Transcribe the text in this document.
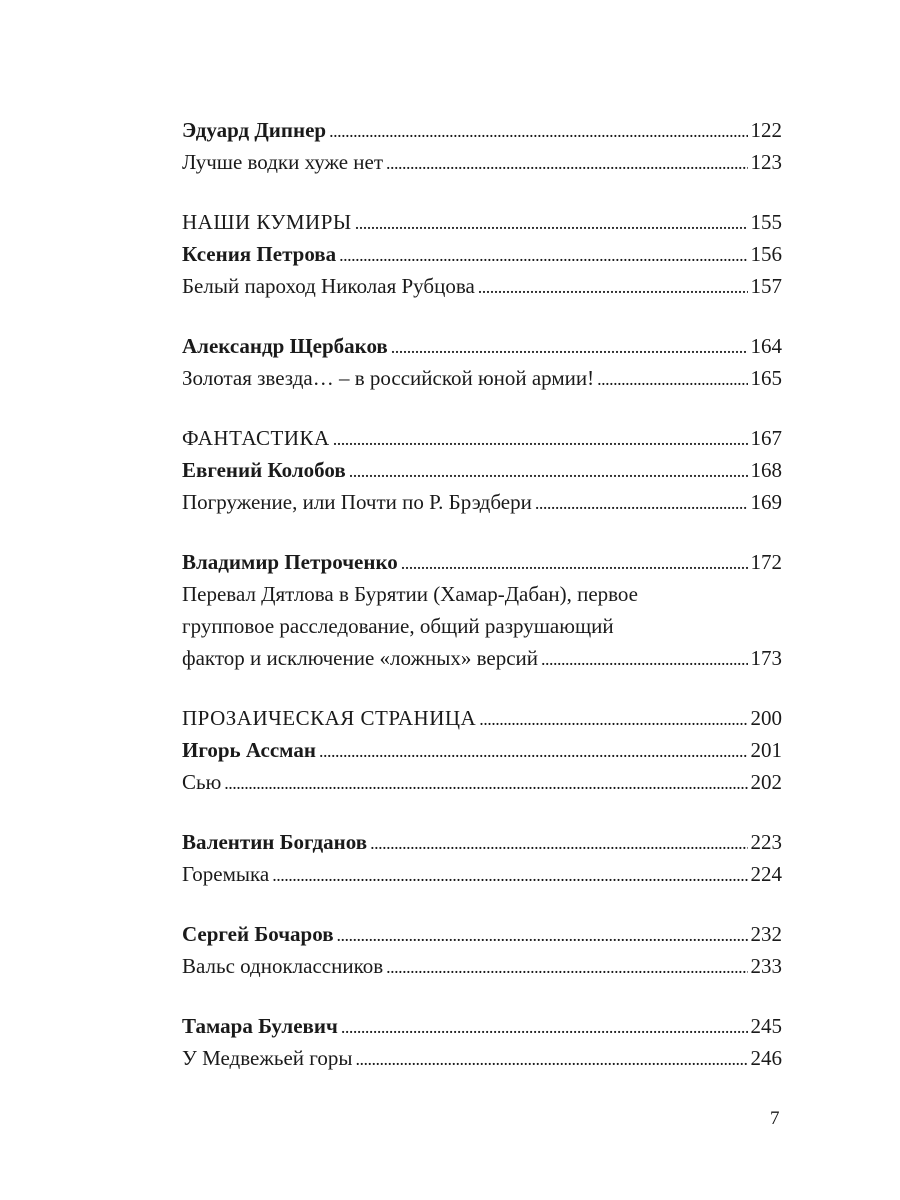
Эдуард Дипнер . . .	122
Лучше водки хуже нет . . .	123
НАШИ КУМИРЫ . . .	155
Ксения Петрова . . .	156
Белый пароход Николая Рубцова . . .	157
Александр Щербаков . . .	164
Золотая звезда… – в российской юной армии! . . .	165
ФАНТАСТИКА . . .	167
Евгений Колобов . . .	168
Погружение, или Почти по Р. Брэдбери . . .	169
Владимир Петроченко . . .	172
Перевал Дятлова в Бурятии (Хамар-Дабан), первое
групповое расследование, общий разрушающий
фактор и исключение «ложных» версий . . .	173
ПРОЗАИЧЕСКАЯ СТРАНИЦА . . .	200
Игорь Ассман . . .	201
Сью . . .	202
Валентин Богданов . . .	223
Горемыка . . .	224
Сергей Бочаров . . .	232
Вальс одноклассников . . .	233
Тамара Булевич . . .	245
У Медвежьей горы . . .	246
7
